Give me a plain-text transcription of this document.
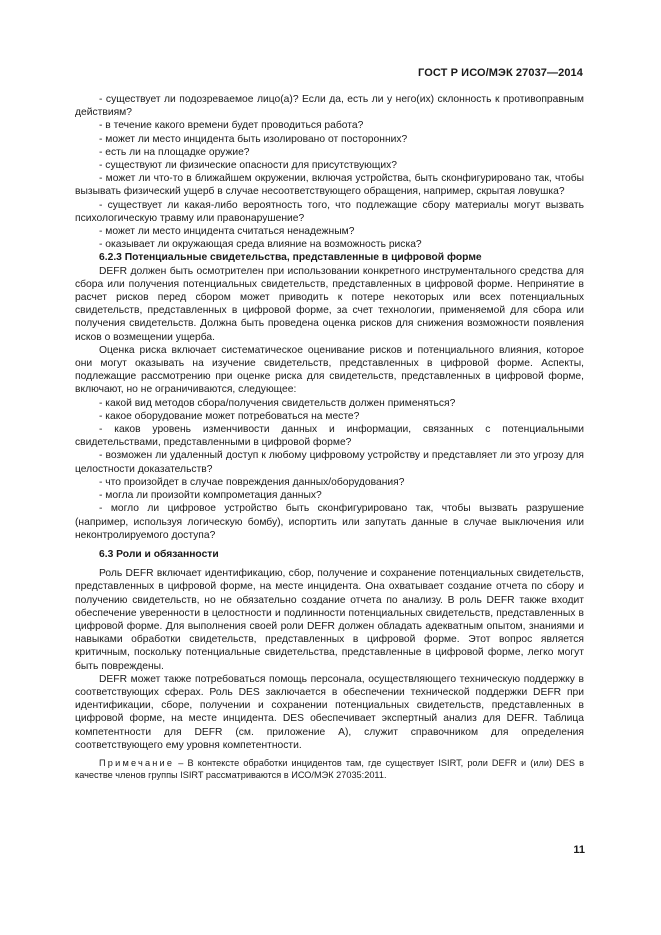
ГОСТ Р ИСО/МЭК 27037—2014

- существует ли подозреваемое лицо(а)? Если да, есть ли у него(их) склонность к противоправным действиям?

- в течение какого времени будет проводиться работа?

- может ли место инцидента быть изолировано от посторонних?

- есть ли на площадке оружие?

- существуют ли физические опасности для присутствующих?

- может ли что-то в ближайшем окружении, включая устройства, быть сконфигурировано так, чтобы вызывать физический ущерб в случае несоответствующего обращения, например, скрытая ловушка?

- существует ли какая-либо вероятность того, что подлежащие сбору материалы могут вызвать психологическую травму или правонарушение?

- может ли место инцидента считаться ненадежным?

- оказывает ли окружающая среда влияние на возможность риска?

6.2.3 Потенциальные свидетельства, представленные в цифровой форме

DEFR должен быть осмотрителен при использовании конкретного инструментального средства для сбора или получения потенциальных свидетельств, представленных в цифровой форме. Непринятие в расчет рисков перед сбором может приводить к потере некоторых или всех потенциальных свидетельств, представленных в цифровой форме, за счет технологии, применяемой для сбора или получения свидетельств. Должна быть проведена оценка рисков для снижения возможности появления исков о возмещении ущерба.

Оценка риска включает систематическое оценивание рисков и потенциального влияния, которое они могут оказывать на изучение свидетельств, представленных в цифровой форме. Аспекты, подлежащие рассмотрению при оценке риска для свидетельств, представленных в цифровой форме, включают, но не ограничиваются, следующее:

- какой вид методов сбора/получения свидетельств должен применяться?

- какое оборудование может потребоваться на месте?

- каков уровень изменчивости данных и информации, связанных с потенциальными свидетельствами, представленными в цифровой форме?

- возможен ли удаленный доступ к любому цифровому устройству и представляет ли это угрозу для целостности доказательств?

- что произойдет в случае повреждения данных/оборудования?

- могла ли произойти компрометация данных?

- могло ли цифровое устройство быть сконфигурировано так, чтобы вызвать разрушение (например, используя логическую бомбу), испортить или запутать данные в случае выключения или неконтролируемого доступа?

6.3 Роли и обязанности

Роль DEFR включает идентификацию, сбор, получение и сохранение потенциальных свидетельств, представленных в цифровой форме, на месте инцидента. Она охватывает создание отчета по сбору и получению свидетельств, но не обязательно создание отчета по анализу. В роль DEFR также входит обеспечение уверенности в целостности и подлинности потенциальных свидетельств, представленных в цифровой форме. Для выполнения своей роли DEFR должен обладать адекватным опытом, знаниями и навыками обработки свидетельств, представленных в цифровой форме. Этот вопрос является критичным, поскольку потенциальные свидетельства, представленные в цифровой форме, легко могут быть повреждены.

DEFR может также потребоваться помощь персонала, осуществляющего техническую поддержку в соответствующих сферах. Роль DES заключается в обеспечении технической поддержки DEFR при идентификации, сборе, получении и сохранении потенциальных свидетельств, представленных в цифровой форме, на месте инцидента. DES обеспечивает экспертный анализ для DEFR. Таблица компетентности для DEFR (см. приложение А), служит справочником для определения соответствующего ему уровня компетентности.

Примечание – В контексте обработки инцидентов там, где существует ISIRT, роли DEFR и (или) DES в качестве членов группы ISIRT рассматриваются в ИСО/МЭК 27035:2011.

11
